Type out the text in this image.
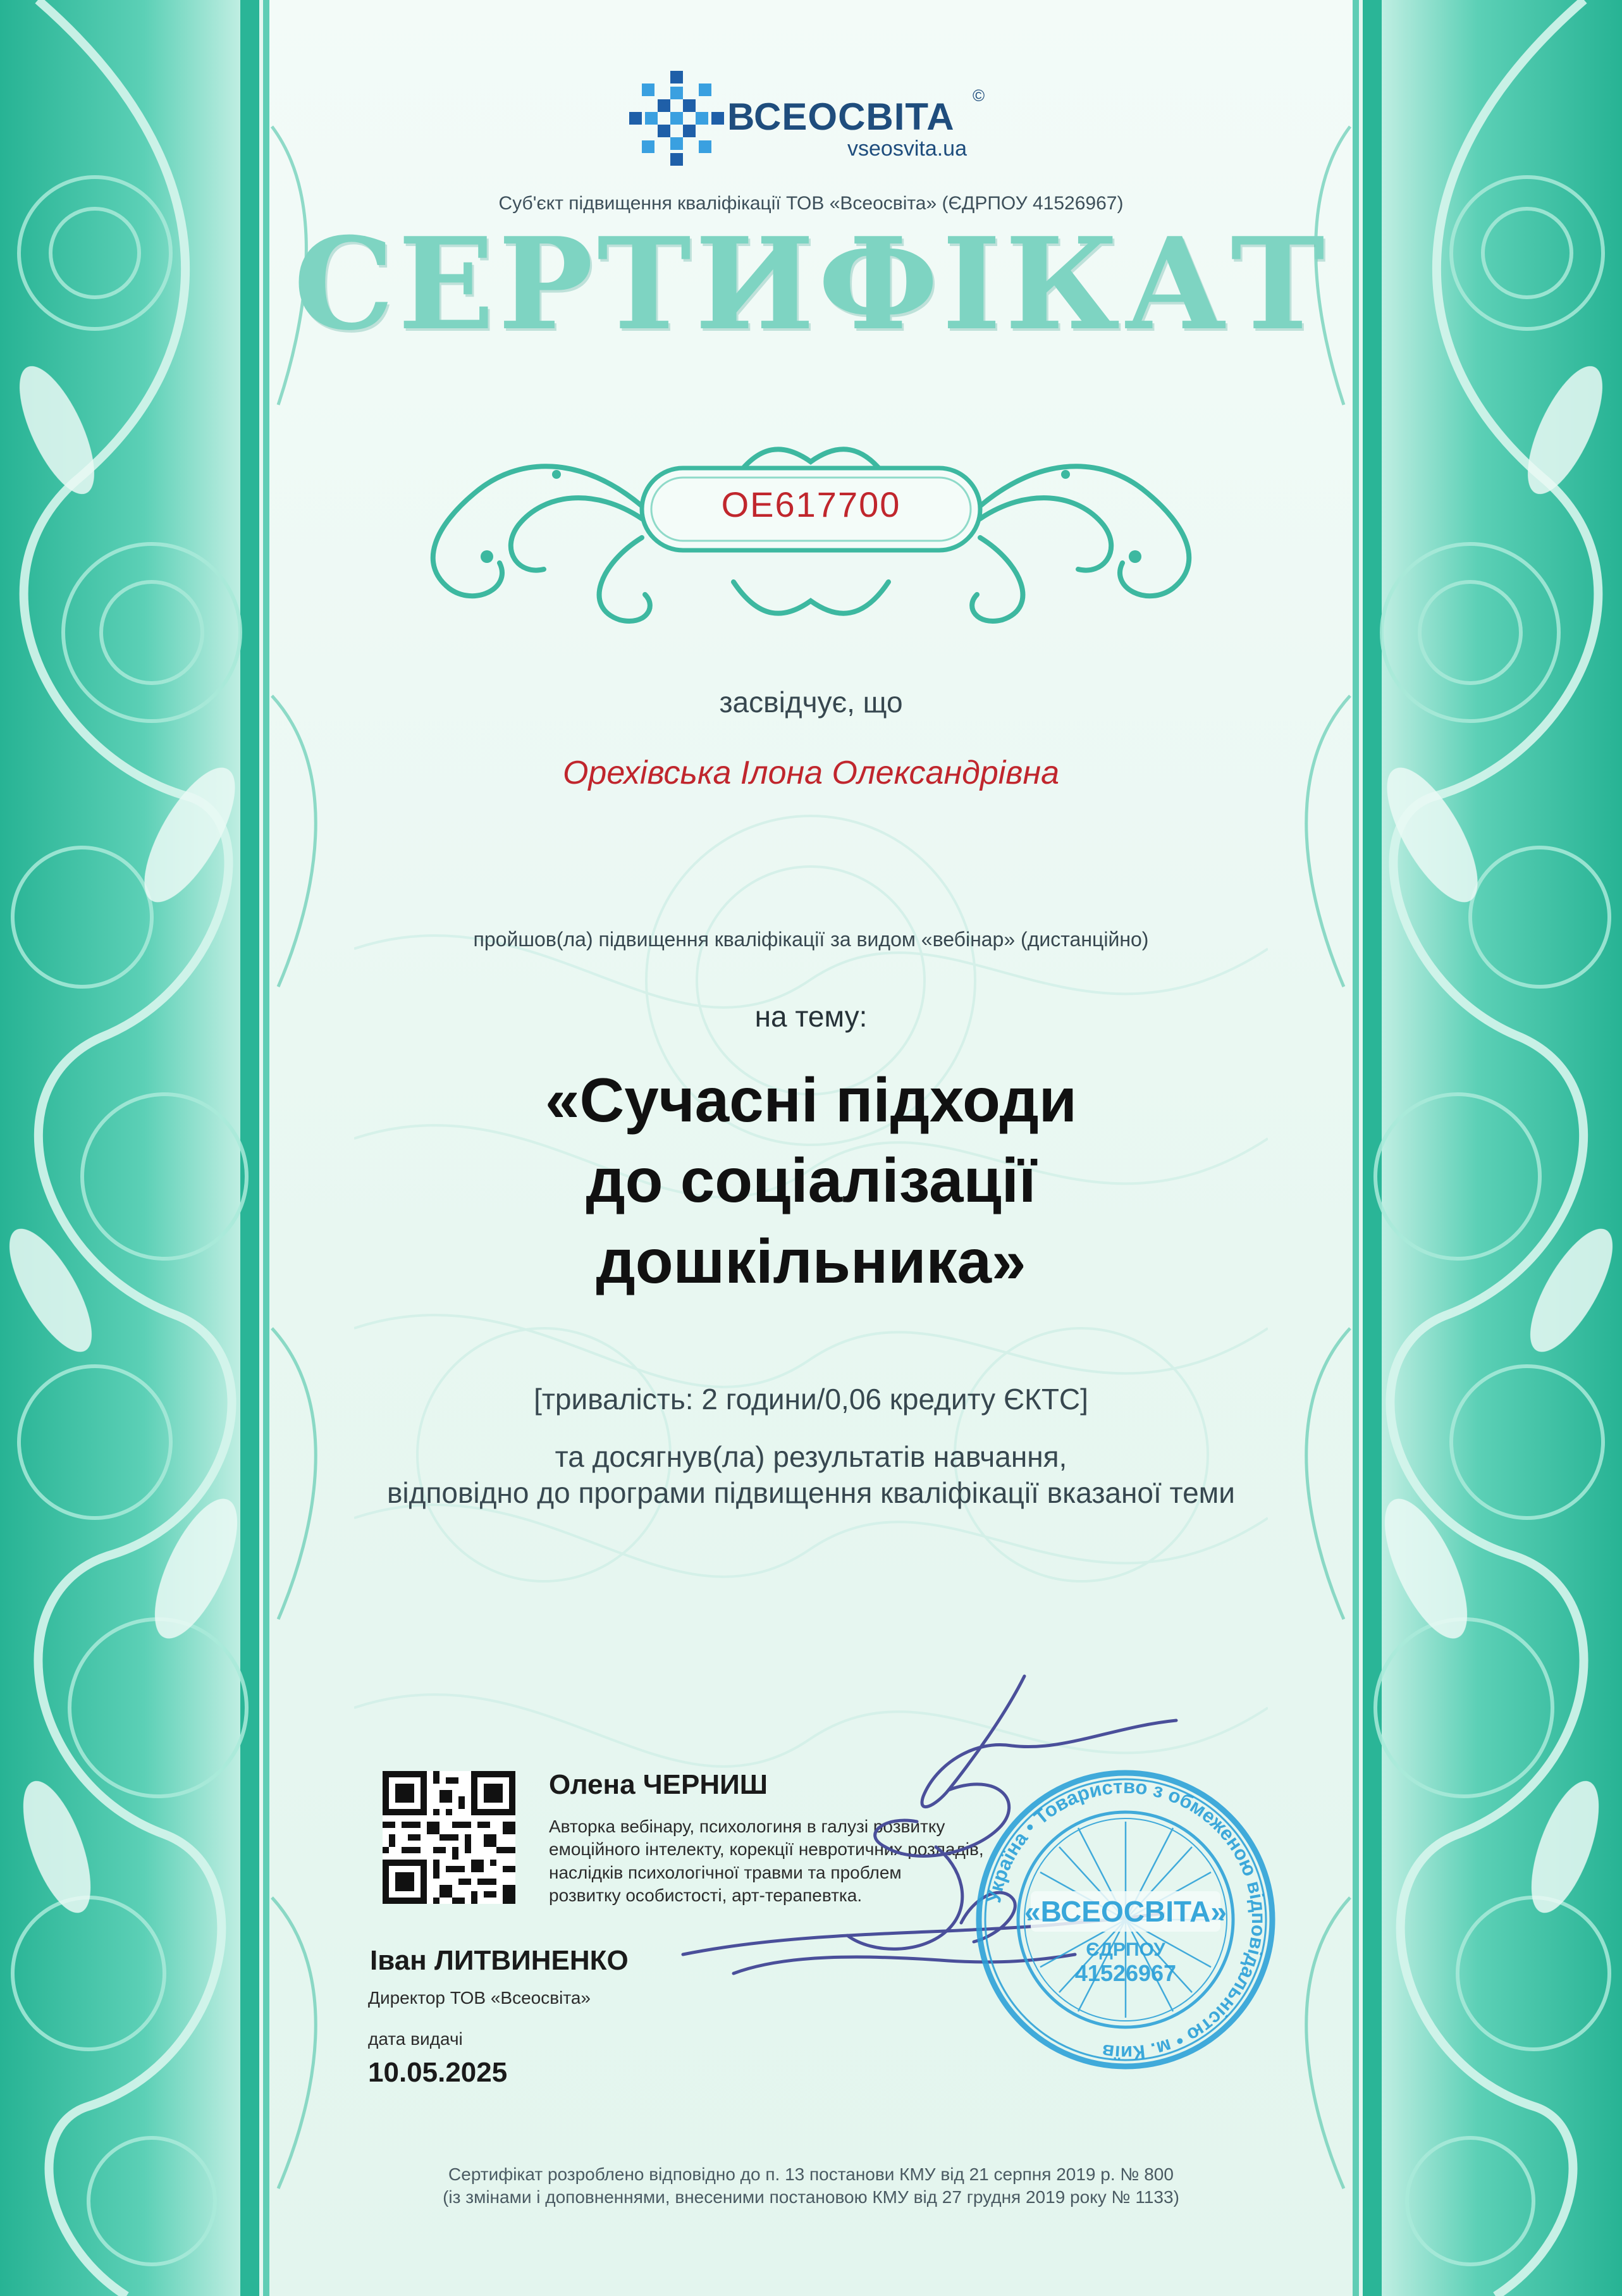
ВСЕОСВІТА ©
vseosvita.ua
Суб'єкт підвищення кваліфікації ТОВ «Всеосвіта» (ЄДРПОУ 41526967)
СЕРТИФІКАТ
OE617700
засвідчує, що
Орехівська Ілона Олександрівна
пройшов(ла) підвищення кваліфікації за видом «вебінар» (дистанційно)
на тему:
«Сучасні підходи
до соціалізації
дошкільника»
[тривалість: 2 години/0,06 кредиту ЄКТС]
та досягнув(ла) результатів навчання,
відповідно до програми підвищення кваліфікації вказаної теми
Олена ЧЕРНИШ
Авторка вебінару, психологиня в галузі розвитку
емоційного інтелекту, корекції невротичних розладів,
наслідків психологічної травми та проблем
розвитку особистості, арт-терапевтка.
Іван ЛИТВИНЕНКО
Директор ТОВ «Всеосвіта»
дата видачі
10.05.2025
Україна • Товариство з обмеженою відповідальністю • м. Київ
«ВСЕОСВІТА»
ЄДРПОУ
41526967
Сертифікат розроблено відповідно до п. 13 постанови КМУ від 21 серпня 2019 р. № 800
(із змінами і доповненнями, внесеними постановою КМУ від 27 грудня 2019 року № 1133)
